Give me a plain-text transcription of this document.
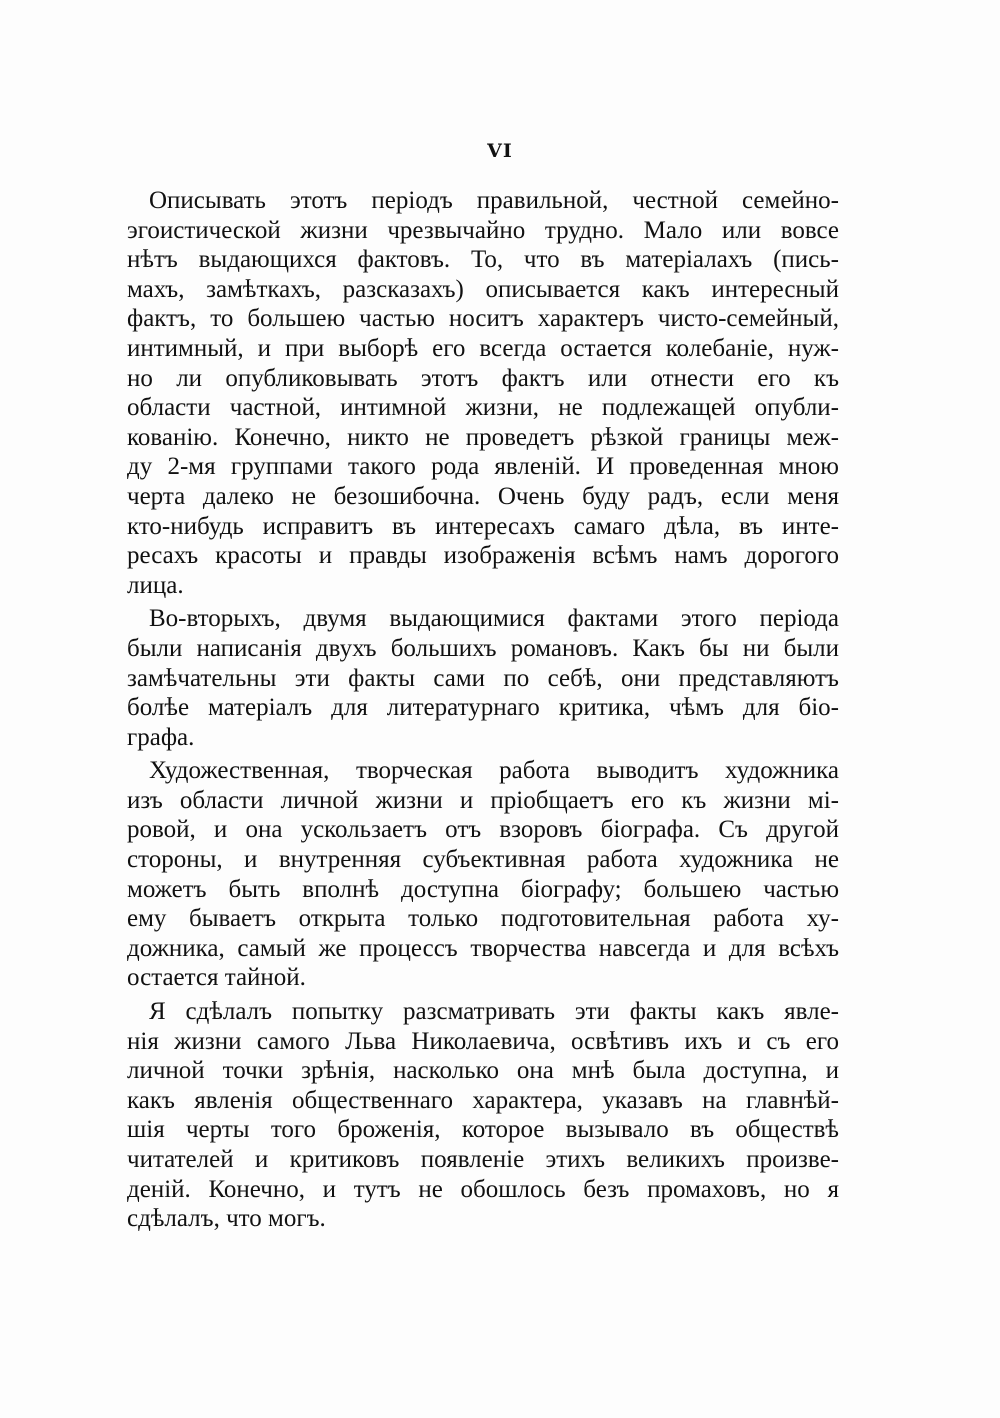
VI
Описывать этотъ періодъ правильной, честной семейно-
эгоистической жизни чрезвычайно трудно. Мало или вовсе
нѣтъ выдающихся фактовъ. То, что въ матеріалахъ (пись-
махъ, замѣткахъ, разсказахъ) описывается какъ интересный
фактъ, то большею частью носитъ характеръ чисто-семейный,
интимный, и при выборѣ его всегда остается колебаніе, нуж-
но ли опубликовывать этотъ фактъ или отнести его къ
области частной, интимной жизни, не подлежащей опубли-
кованію. Конечно, никто не проведетъ рѣзкой границы меж-
ду 2-мя группами такого рода явленій. И проведенная мною
черта далеко не безошибочна. Очень буду радъ, если меня
кто-нибудь исправитъ въ интересахъ самаго дѣла, въ инте-
ресахъ красоты и правды изображенія всѣмъ намъ дорогого
лица.
Во-вторыхъ, двумя выдающимися фактами этого періода
были написанія двухъ большихъ романовъ. Какъ бы ни были
замѣчательны эти факты сами по себѣ, они представляютъ
болѣе матеріалъ для литературнаго критика, чѣмъ для біо-
графа.
Художественная, творческая работа выводитъ художника
изъ области личной жизни и пріобщаетъ его къ жизни мі-
ровой, и она ускользаетъ отъ взоровъ біографа. Съ другой
стороны, и внутренняя субъективная работа художника не
можетъ быть вполнѣ доступна біографу; большею частью
ему бываетъ открыта только подготовительная работа ху-
дожника, самый же процессъ творчества навсегда и для всѣхъ
остается тайной.
Я сдѣлалъ попытку разсматривать эти факты какъ явле-
нія жизни самого Льва Николаевича, освѣтивъ ихъ и съ его
личной точки зрѣнія, насколько она мнѣ была доступна, и
какъ явленія общественнаго характера, указавъ на главнѣй-
шія черты того броженія, которое вызывало въ обществѣ
читателей и критиковъ появленіе этихъ великихъ произве-
деній. Конечно, и тутъ не обошлось безъ промаховъ, но я
сдѣлалъ, что могъ.
